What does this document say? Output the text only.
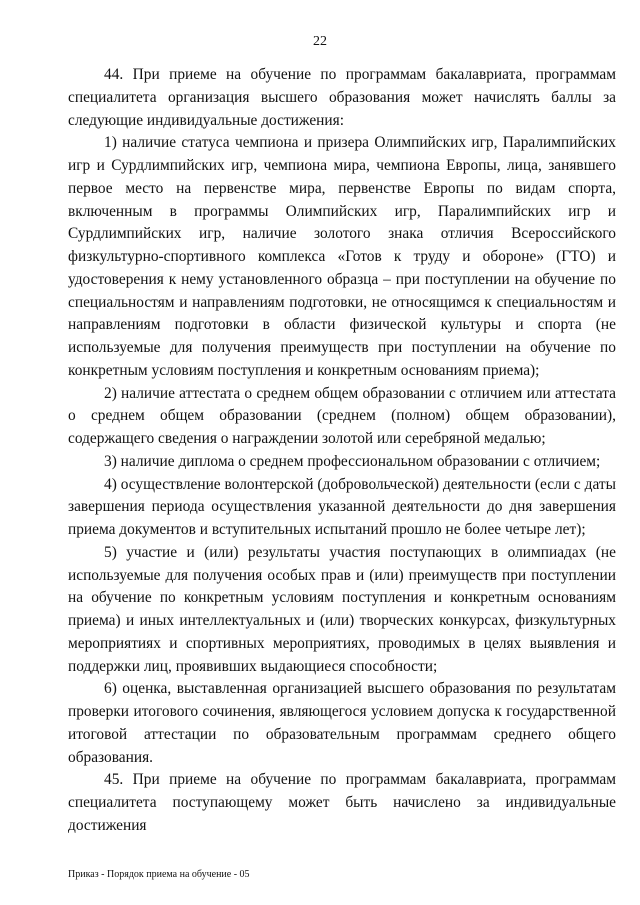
22

44. При приеме на обучение по программам бакалавриата, программам специалитета организация высшего образования может начислять баллы за следующие индивидуальные достижения:

1) наличие статуса чемпиона и призера Олимпийских игр, Паралимпийских игр и Сурдлимпийских игр, чемпиона мира, чемпиона Европы, лица, занявшего первое место на первенстве мира, первенстве Европы по видам спорта, включенным в программы Олимпийских игр, Паралимпийских игр и Сурдлимпийских игр, наличие золотого знака отличия Всероссийского физкультурно-спортивного комплекса «Готов к труду и обороне» (ГТО) и удостоверения к нему установленного образца – при поступлении на обучение по специальностям и направлениям подготовки, не относящимся к специальностям и направлениям подготовки в области физической культуры и спорта (не используемые для получения преимуществ при поступлении на обучение по конкретным условиям поступления и конкретным основаниям приема);

2) наличие аттестата о среднем общем образовании с отличием или аттестата о среднем общем образовании (среднем (полном) общем образовании), содержащего сведения о награждении золотой или серебряной медалью;

3) наличие диплома о среднем профессиональном образовании с отличием;

4) осуществление волонтерской (добровольческой) деятельности (если с даты завершения периода осуществления указанной деятельности до дня завершения приема документов и вступительных испытаний прошло не более четыре лет);

5) участие и (или) результаты участия поступающих в олимпиадах (не используемые для получения особых прав и (или) преимуществ при поступлении на обучение по конкретным условиям поступления и конкретным основаниям приема) и иных интеллектуальных и (или) творческих конкурсах, физкультурных мероприятиях и спортивных мероприятиях, проводимых в целях выявления и поддержки лиц, проявивших выдающиеся способности;

6) оценка, выставленная организацией высшего образования по результатам проверки итогового сочинения, являющегося условием допуска к государственной итоговой аттестации по образовательным программам среднего общего образования.

45. При приеме на обучение по программам бакалавриата, программам специалитета поступающему может быть начислено за индивидуальные достижения

Приказ - Порядок приема на обучение - 05
